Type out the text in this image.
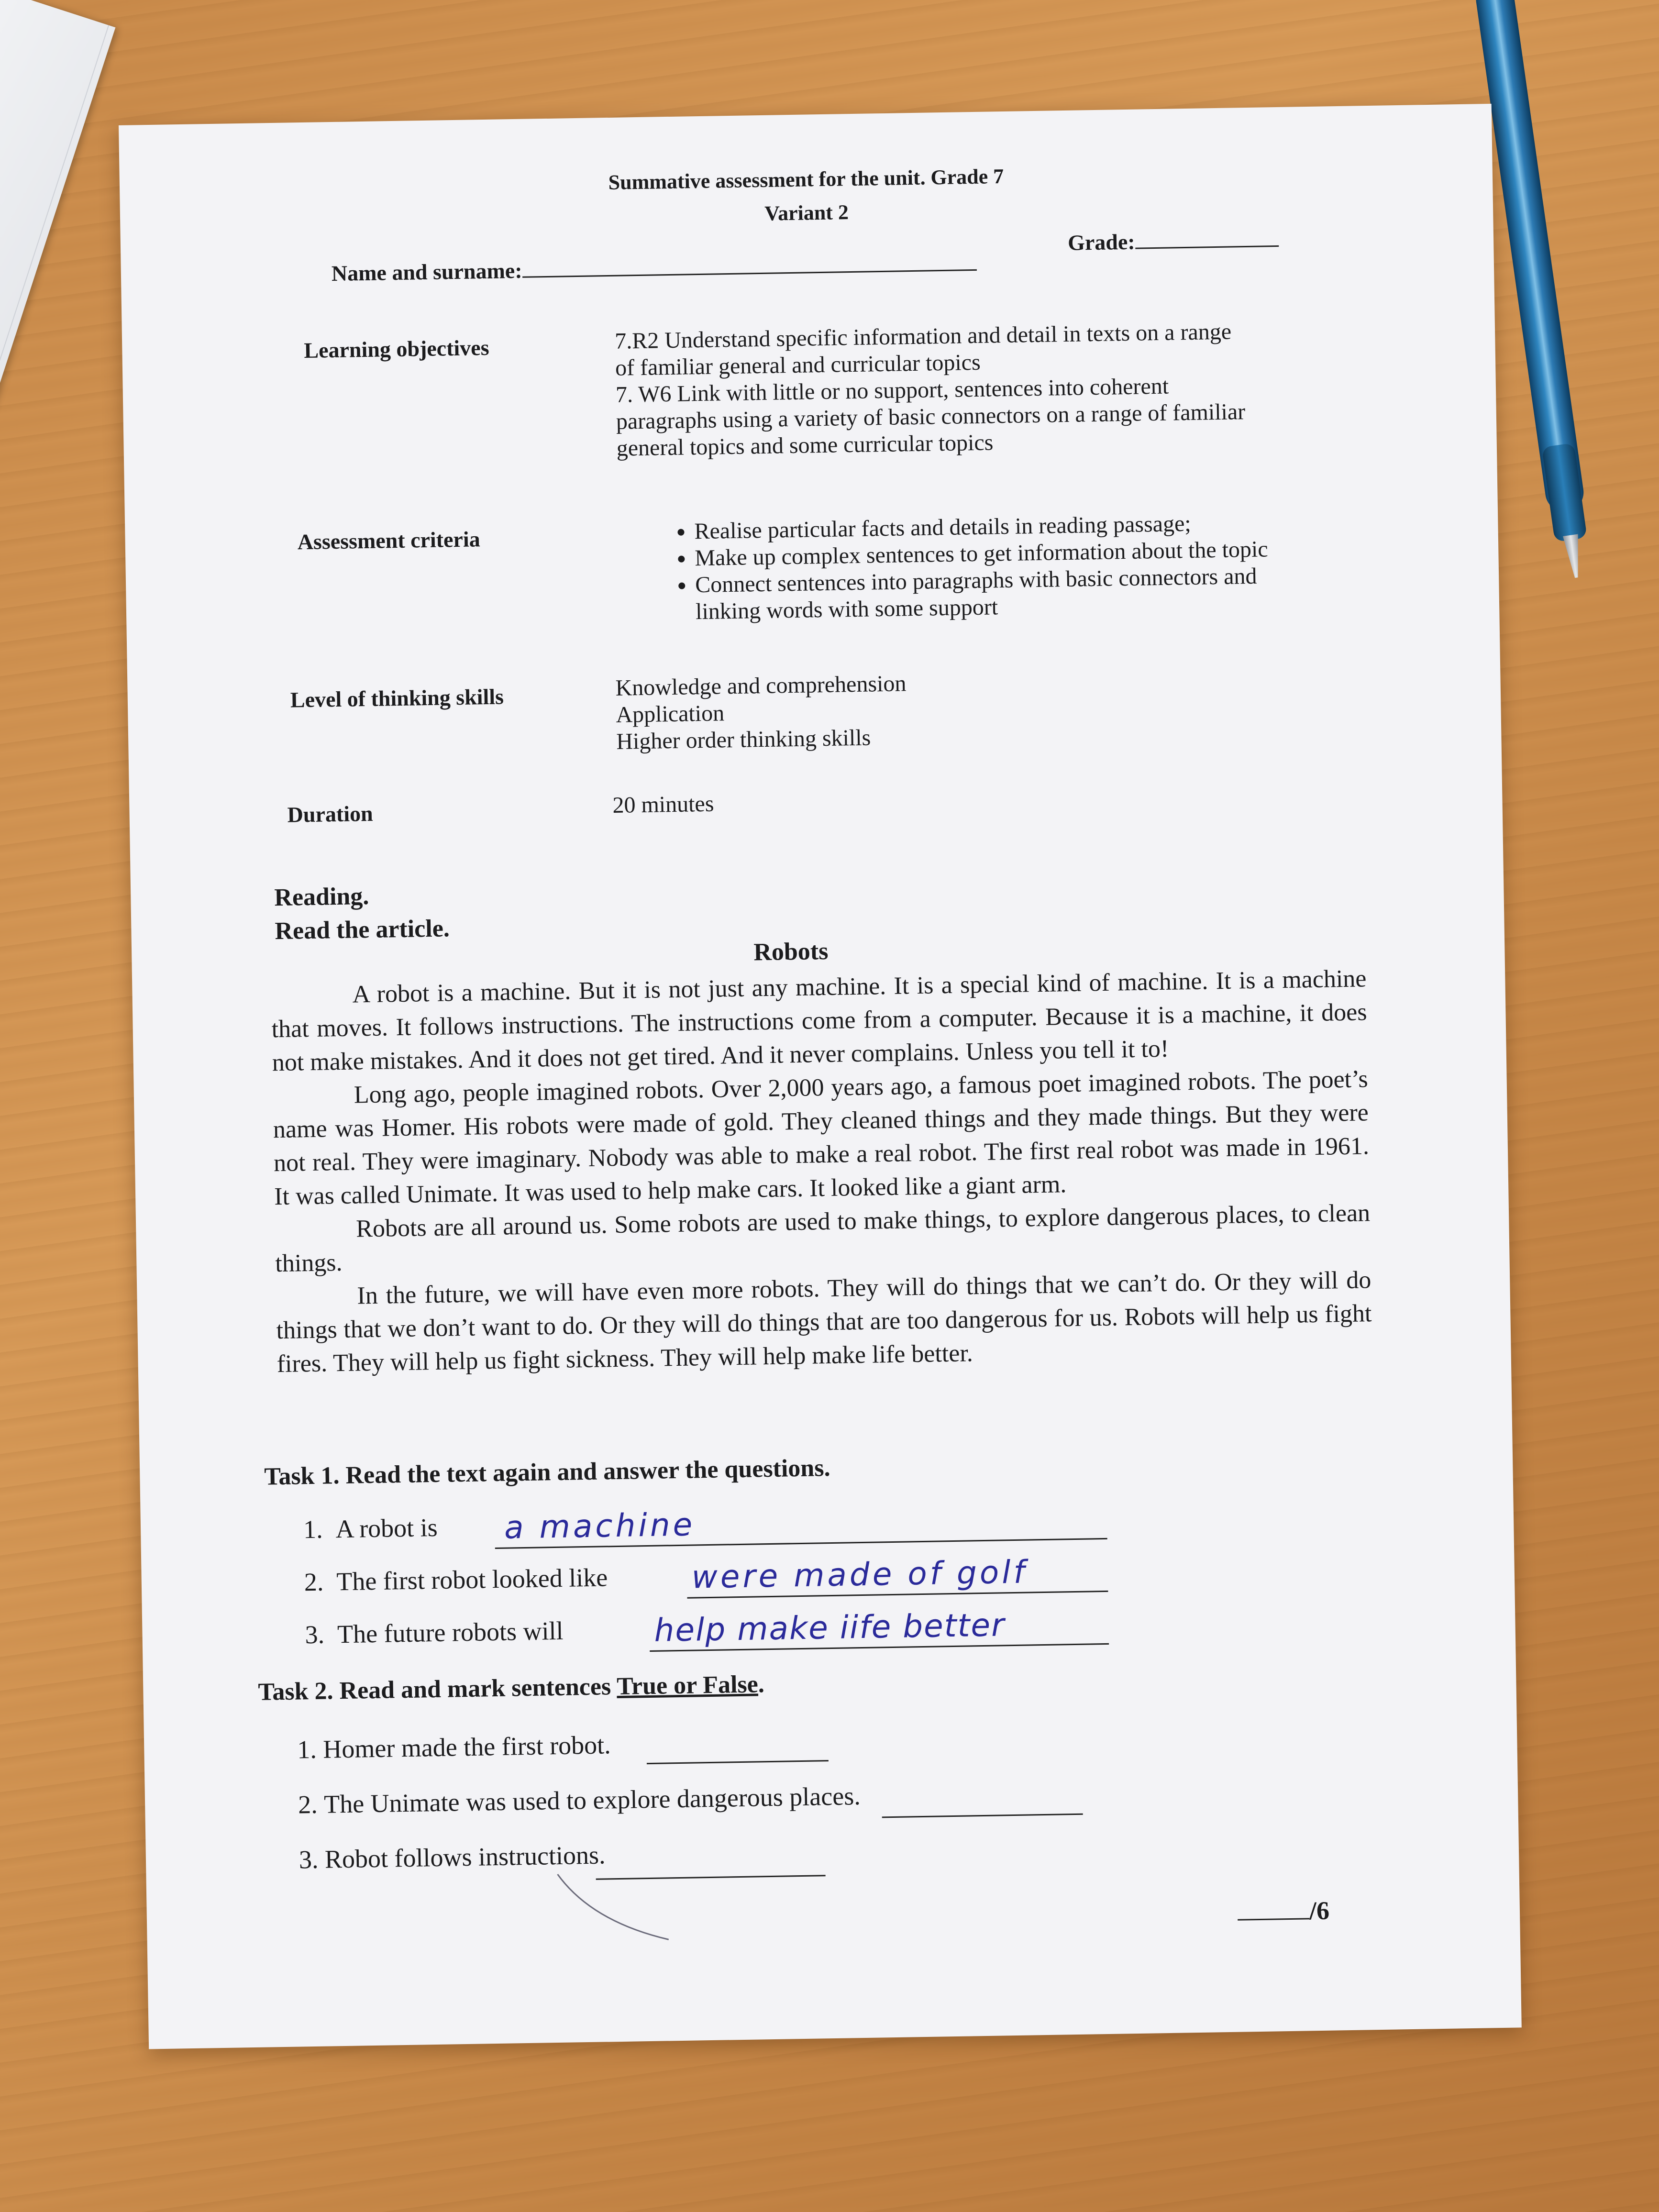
Summative assessment for the unit. Grade 7
Variant 2
Name and surname:
Grade:
Learning objectives	7.R2 Understand specific information and detail in texts on a range
of familiar general and curricular topics
7. W6 Link with little or no support, sentences into coherent
paragraphs using a variety of basic connectors on a range of familiar
general topics and some curricular topics
Assessment criteria
•	Realise particular facts and details in reading passage;
• Make up complex sentences to get information about the topic
• Connect sentences into paragraphs with basic connectors and linking words with some support
Level of thinking skills	Knowledge and comprehension
Application
Higher order thinking skills
Duration	20 minutes
Reading.
Read the article.
Robots

A robot is a machine. But it is not just any machine. It is a special kind of machine. It is a machine that moves. It follows instructions. The instructions come from a computer. Because it is a machine, it does not make mistakes. And it does not get tired. And it never complains. Unless you tell it to!

Long ago, people imagined robots. Over 2,000 years ago, a famous poet imagined robots. The poet’s name was Homer. His robots were made of gold. They cleaned things and they made things. But they were not real. They were imaginary. Nobody was able to make a real robot. The first real robot was made in 1961. It was called Unimate. It was used to help make cars. It looked like a giant arm.

Robots are all around us. Some robots are used to make things, to explore dangerous places, to clean things.

In the future, we will have even more robots. They will do things that we can’t do. Or they will do things that we don’t want to do. Or they will do things that are too dangerous for us. Robots will help us fight fires. They will help us fight sickness. They will help make life better.

Task 1. Read the text again and answer the questions.
1. A robot is a machine
2. The first robot looked like	were made of golf
3. The future robots will	help make iife better
Task 2. Read and mark sentences True or False.
1. Homer made the first robot.
2. The Unimate was used to explore dangerous places.
3. Robot follows instructions.
/6
